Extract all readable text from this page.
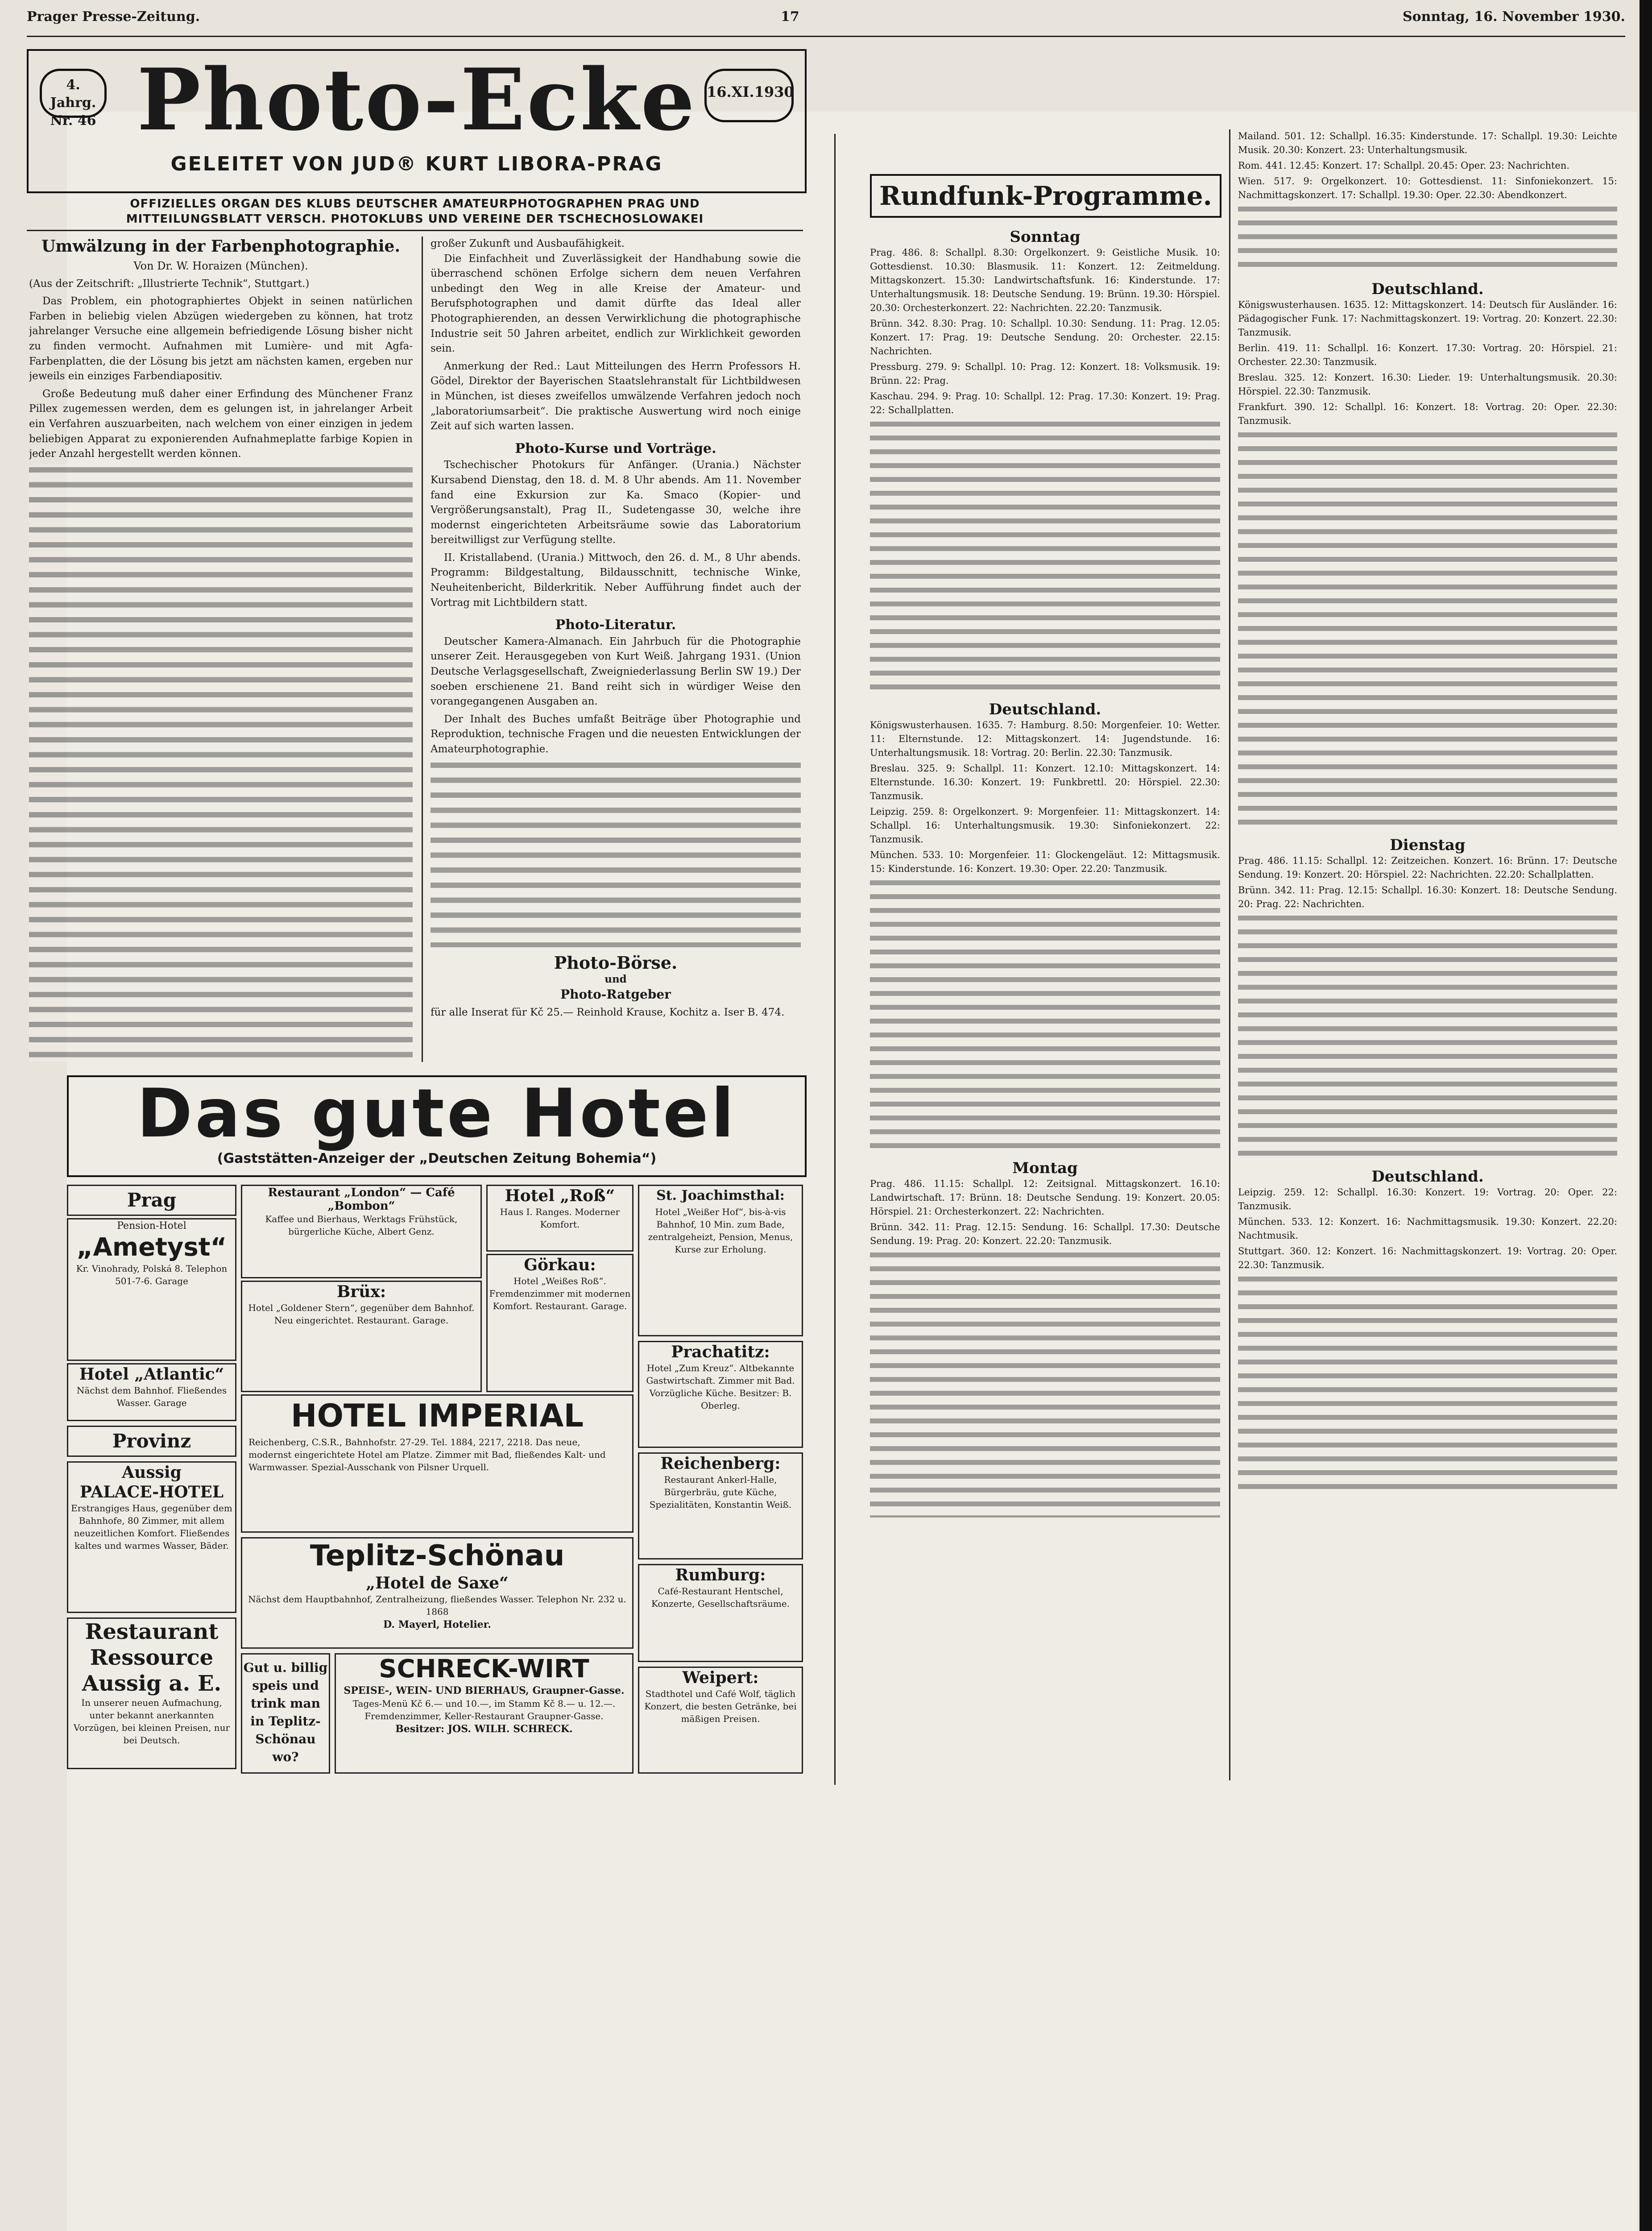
Prager Presse-Zeitung.	17	Sonntag, 16. November 1930.
4. Jahrg.
Nr. 46 Photo-Ecke 16.XI.1930
GELEITET VON JUD® KURT LIBORA-PRAG
OFFIZIELLES ORGAN DES KLUBS DEUTSCHER AMATEURPHOTOGRAPHEN PRAG UND
MITTEILUNGSBLATT VERSCH. PHOTOKLUBS UND VEREINE DER TSCHECHOSLOWAKEI
Umwälzung in der Farbenphotographie.
Von Dr. W. Horaizen (München).

(Aus der Zeitschrift: „Illustrierte Technik“, Stuttgart.)

Das Problem, ein photographiertes Objekt in seinen natürlichen Farben in beliebig vielen Abzügen wiedergeben zu können, hat trotz jahrelanger Versuche eine allgemein befriedigende Lösung bisher nicht zu finden vermocht. Aufnahmen mit Lumière- und mit Agfa-Farbenplatten, die der Lösung bis jetzt am nächsten kamen, ergeben nur jeweils ein einziges Farbendiapositiv.

Große Bedeutung muß daher einer Erfindung des Münchener Franz Pillex zugemessen werden, dem es gelungen ist, in jahrelanger Arbeit ein Verfahren auszuarbeiten, nach welchem von einer einzigen in jedem beliebigen Apparat zu exponierenden Aufnahmeplatte farbige Kopien in jeder Anzahl hergestellt werden können.

großer Zukunft und Ausbaufähigkeit.

Die Einfachheit und Zuverlässigkeit der Handhabung sowie die überraschend schönen Erfolge sichern dem neuen Verfahren unbedingt den Weg in alle Kreise der Amateur- und Berufsphotographen und damit dürfte das Ideal aller Photographierenden, an dessen Verwirklichung die photographische Industrie seit 50 Jahren arbeitet, endlich zur Wirklichkeit geworden sein.

Anmerkung der Red.: Laut Mitteilungen des Herrn Professors H. Gödel, Direktor der Bayerischen Staatslehranstalt für Lichtbildwesen in München, ist dieses zweifellos umwälzende Verfahren jedoch noch „laboratoriumsarbeit“. Die praktische Auswertung wird noch einige Zeit auf sich warten lassen.

Photo-Kurse und Vorträge.

Tschechischer Photokurs für Anfänger. (Urania.) Nächster Kursabend Dienstag, den 18. d. M. 8 Uhr abends. Am 11. November fand eine Exkursion zur Ka. Smaco (Kopier- und Vergrößerungsanstalt), Prag II., Sudetengasse 30, welche ihre modernst eingerichteten Arbeitsräume sowie das Laboratorium bereitwilligst zur Verfügung stellte.

II. Kristallabend. (Urania.) Mittwoch, den 26. d. M., 8 Uhr abends. Programm: Bildgestaltung, Bildausschnitt, technische Winke, Neuheitenbericht, Bilderkritik. Neber Aufführung findet auch der Vortrag mit Lichtbildern statt.

Photo-Literatur.

Deutscher Kamera-Almanach. Ein Jahrbuch für die Photographie unserer Zeit. Herausgegeben von Kurt Weiß. Jahrgang 1931. (Union Deutsche Verlagsgesellschaft, Zweigniederlassung Berlin SW 19.) Der soeben erschienene 21. Band reiht sich in würdiger Weise den vorangegangenen Ausgaben an.

Der Inhalt des Buches umfaßt Beiträge über Photographie und Reproduktion, technische Fragen und die neuesten Entwicklungen der Amateurphotographie.

Photo-Börse.
und
Photo-Ratgeber

für alle Inserat für Kč 25.— Reinhold Krause, Kochitz a. Iser B. 474.

Das gute Hotel
(Gaststätten-Anzeiger der „Deutschen Zeitung Bohemia“)
Prag
Pension-Hotel
„Ametyst“
Kr. Vinohrady, Polská 8. Telephon 501-7-6. Garage
Hotel „Atlantic“
Nächst dem Bahnhof. Fließendes Wasser. Garage
Provinz
Aussig
PALACE-HOTEL
Erstrangiges Haus, gegenüber dem Bahnhofe, 80 Zimmer, mit allem neuzeitlichen Komfort. Fließendes kaltes und warmes Wasser, Bäder.
Restaurant Ressource Aussig a. E.
In unserer neuen Aufmachung, unter bekannt anerkannten Vorzügen, bei kleinen Preisen, nur bei Deutsch.
Restaurant „London“ — Café „Bombon“
Kaffee und Bierhaus, Werktags Frühstück, bürgerliche Küche, Albert Genz.
Brüx:
Hotel „Goldener Stern“, gegenüber dem Bahnhof. Neu eingerichtet. Restaurant. Garage.
Hotel „Roß“
Haus I. Ranges. Moderner Komfort.
Görkau:
Hotel „Weißes Roß“. Fremdenzimmer mit modernen Komfort. Restaurant. Garage.
St. Joachimsthal:
Hotel „Weißer Hof“, bis-à-vis Bahnhof, 10 Min. zum Bade, zentralgeheizt, Pension, Menus, Kurse zur Erholung.
HOTEL IMPERIAL
Reichenberg, C.S.R., Bahnhofstr. 27-29. Tel. 1884, 2217, 2218. Das neue, modernst eingerichtete Hotel am Platze. Zimmer mit Bad, fließendes Kalt- und Warmwasser. Spezial-Ausschank von Pilsner Urquell.
Teplitz-Schönau
„Hotel de Saxe“
Nächst dem Hauptbahnhof, Zentralheizung, fließendes Wasser. Telephon Nr. 232 u. 1868
D. Mayerl, Hotelier.
Gut u. billig speis und trink man in Teplitz-Schönau wo?
SCHRECK-WIRT
SPEISE-, WEIN- UND BIERHAUS, Graupner-Gasse.
Tages-Menü Kč 6.— und 10.—, im Stamm Kč 8.— u. 12.—. Fremdenzimmer, Keller-Restaurant Graupner-Gasse.
Besitzer: JOS. WILH. SCHRECK.
Prachatitz:
Hotel „Zum Kreuz“. Altbekannte Gastwirtschaft. Zimmer mit Bad. Vorzügliche Küche. Besitzer: B. Oberleg.
Reichenberg:
Restaurant Ankerl-Halle, Bürgerbräu, gute Küche, Spezialitäten, Konstantin Weiß.
Rumburg:
Café-Restaurant Hentschel, Konzerte, Gesellschaftsräume.
Weipert:
Stadthotel und Café Wolf, täglich Konzert, die besten Getränke, bei mäßigen Preisen.
Rundfunk-Programme.
Sonntag

Prag. 486. 8: Schallpl. 8.30: Orgelkonzert. 9: Geistliche Musik. 10: Gottesdienst. 10.30: Blasmusik. 11: Konzert. 12: Zeitmeldung. Mittagskonzert. 15.30: Landwirtschaftsfunk. 16: Kinderstunde. 17: Unterhaltungsmusik. 18: Deutsche Sendung. 19: Brünn. 19.30: Hörspiel. 20.30: Orchesterkonzert. 22: Nachrichten. 22.20: Tanzmusik.

Brünn. 342. 8.30: Prag. 10: Schallpl. 10.30: Sendung. 11: Prag. 12.05: Konzert. 17: Prag. 19: Deutsche Sendung. 20: Orchester. 22.15: Nachrichten.

Pressburg. 279. 9: Schallpl. 10: Prag. 12: Konzert. 18: Volksmusik. 19: Brünn. 22: Prag.

Kaschau. 294. 9: Prag. 10: Schallpl. 12: Prag. 17.30: Konzert. 19: Prag. 22: Schallplatten.

Deutschland.

Königswusterhausen. 1635. 7: Hamburg. 8.50: Morgenfeier. 10: Wetter. 11: Elternstunde. 12: Mittagskonzert. 14: Jugendstunde. 16: Unterhaltungsmusik. 18: Vortrag. 20: Berlin. 22.30: Tanzmusik.

Breslau. 325. 9: Schallpl. 11: Konzert. 12.10: Mittagskonzert. 14: Elternstunde. 16.30: Konzert. 19: Funkbrettl. 20: Hörspiel. 22.30: Tanzmusik.

Leipzig. 259. 8: Orgelkonzert. 9: Morgenfeier. 11: Mittagskonzert. 14: Schallpl. 16: Unterhaltungsmusik. 19.30: Sinfoniekonzert. 22: Tanzmusik.

München. 533. 10: Morgenfeier. 11: Glockengeläut. 12: Mittagsmusik. 15: Kinderstunde. 16: Konzert. 19.30: Oper. 22.20: Tanzmusik.

Montag

Prag. 486. 11.15: Schallpl. 12: Zeitsignal. Mittagskonzert. 16.10: Landwirtschaft. 17: Brünn. 18: Deutsche Sendung. 19: Konzert. 20.05: Hörspiel. 21: Orchesterkonzert. 22: Nachrichten.

Brünn. 342. 11: Prag. 12.15: Sendung. 16: Schallpl. 17.30: Deutsche Sendung. 19: Prag. 20: Konzert. 22.20: Tanzmusik.

Mailand. 501. 12: Schallpl. 16.35: Kinderstunde. 17: Schallpl. 19.30: Leichte Musik. 20.30: Konzert. 23: Unterhaltungsmusik.

Rom. 441. 12.45: Konzert. 17: Schallpl. 20.45: Oper. 23: Nachrichten.

Wien. 517. 9: Orgelkonzert. 10: Gottesdienst. 11: Sinfoniekonzert. 15: Nachmittagskonzert. 17: Schallpl. 19.30: Oper. 22.30: Abendkonzert.

Deutschland.

Königswusterhausen. 1635. 12: Mittagskonzert. 14: Deutsch für Ausländer. 16: Pädagogischer Funk. 17: Nachmittagskonzert. 19: Vortrag. 20: Konzert. 22.30: Tanzmusik.

Berlin. 419. 11: Schallpl. 16: Konzert. 17.30: Vortrag. 20: Hörspiel. 21: Orchester. 22.30: Tanzmusik.

Breslau. 325. 12: Konzert. 16.30: Lieder. 19: Unterhaltungsmusik. 20.30: Hörspiel. 22.30: Tanzmusik.

Frankfurt. 390. 12: Schallpl. 16: Konzert. 18: Vortrag. 20: Oper. 22.30: Tanzmusik.

Dienstag

Prag. 486. 11.15: Schallpl. 12: Zeitzeichen. Konzert. 16: Brünn. 17: Deutsche Sendung. 19: Konzert. 20: Hörspiel. 22: Nachrichten. 22.20: Schallplatten.

Brünn. 342. 11: Prag. 12.15: Schallpl. 16.30: Konzert. 18: Deutsche Sendung. 20: Prag. 22: Nachrichten.

Deutschland.

Leipzig. 259. 12: Schallpl. 16.30: Konzert. 19: Vortrag. 20: Oper. 22: Tanzmusik.

München. 533. 12: Konzert. 16: Nachmittagsmusik. 19.30: Konzert. 22.20: Nachtmusik.

Stuttgart. 360. 12: Konzert. 16: Nachmittagskonzert. 19: Vortrag. 20: Oper. 22.30: Tanzmusik.
